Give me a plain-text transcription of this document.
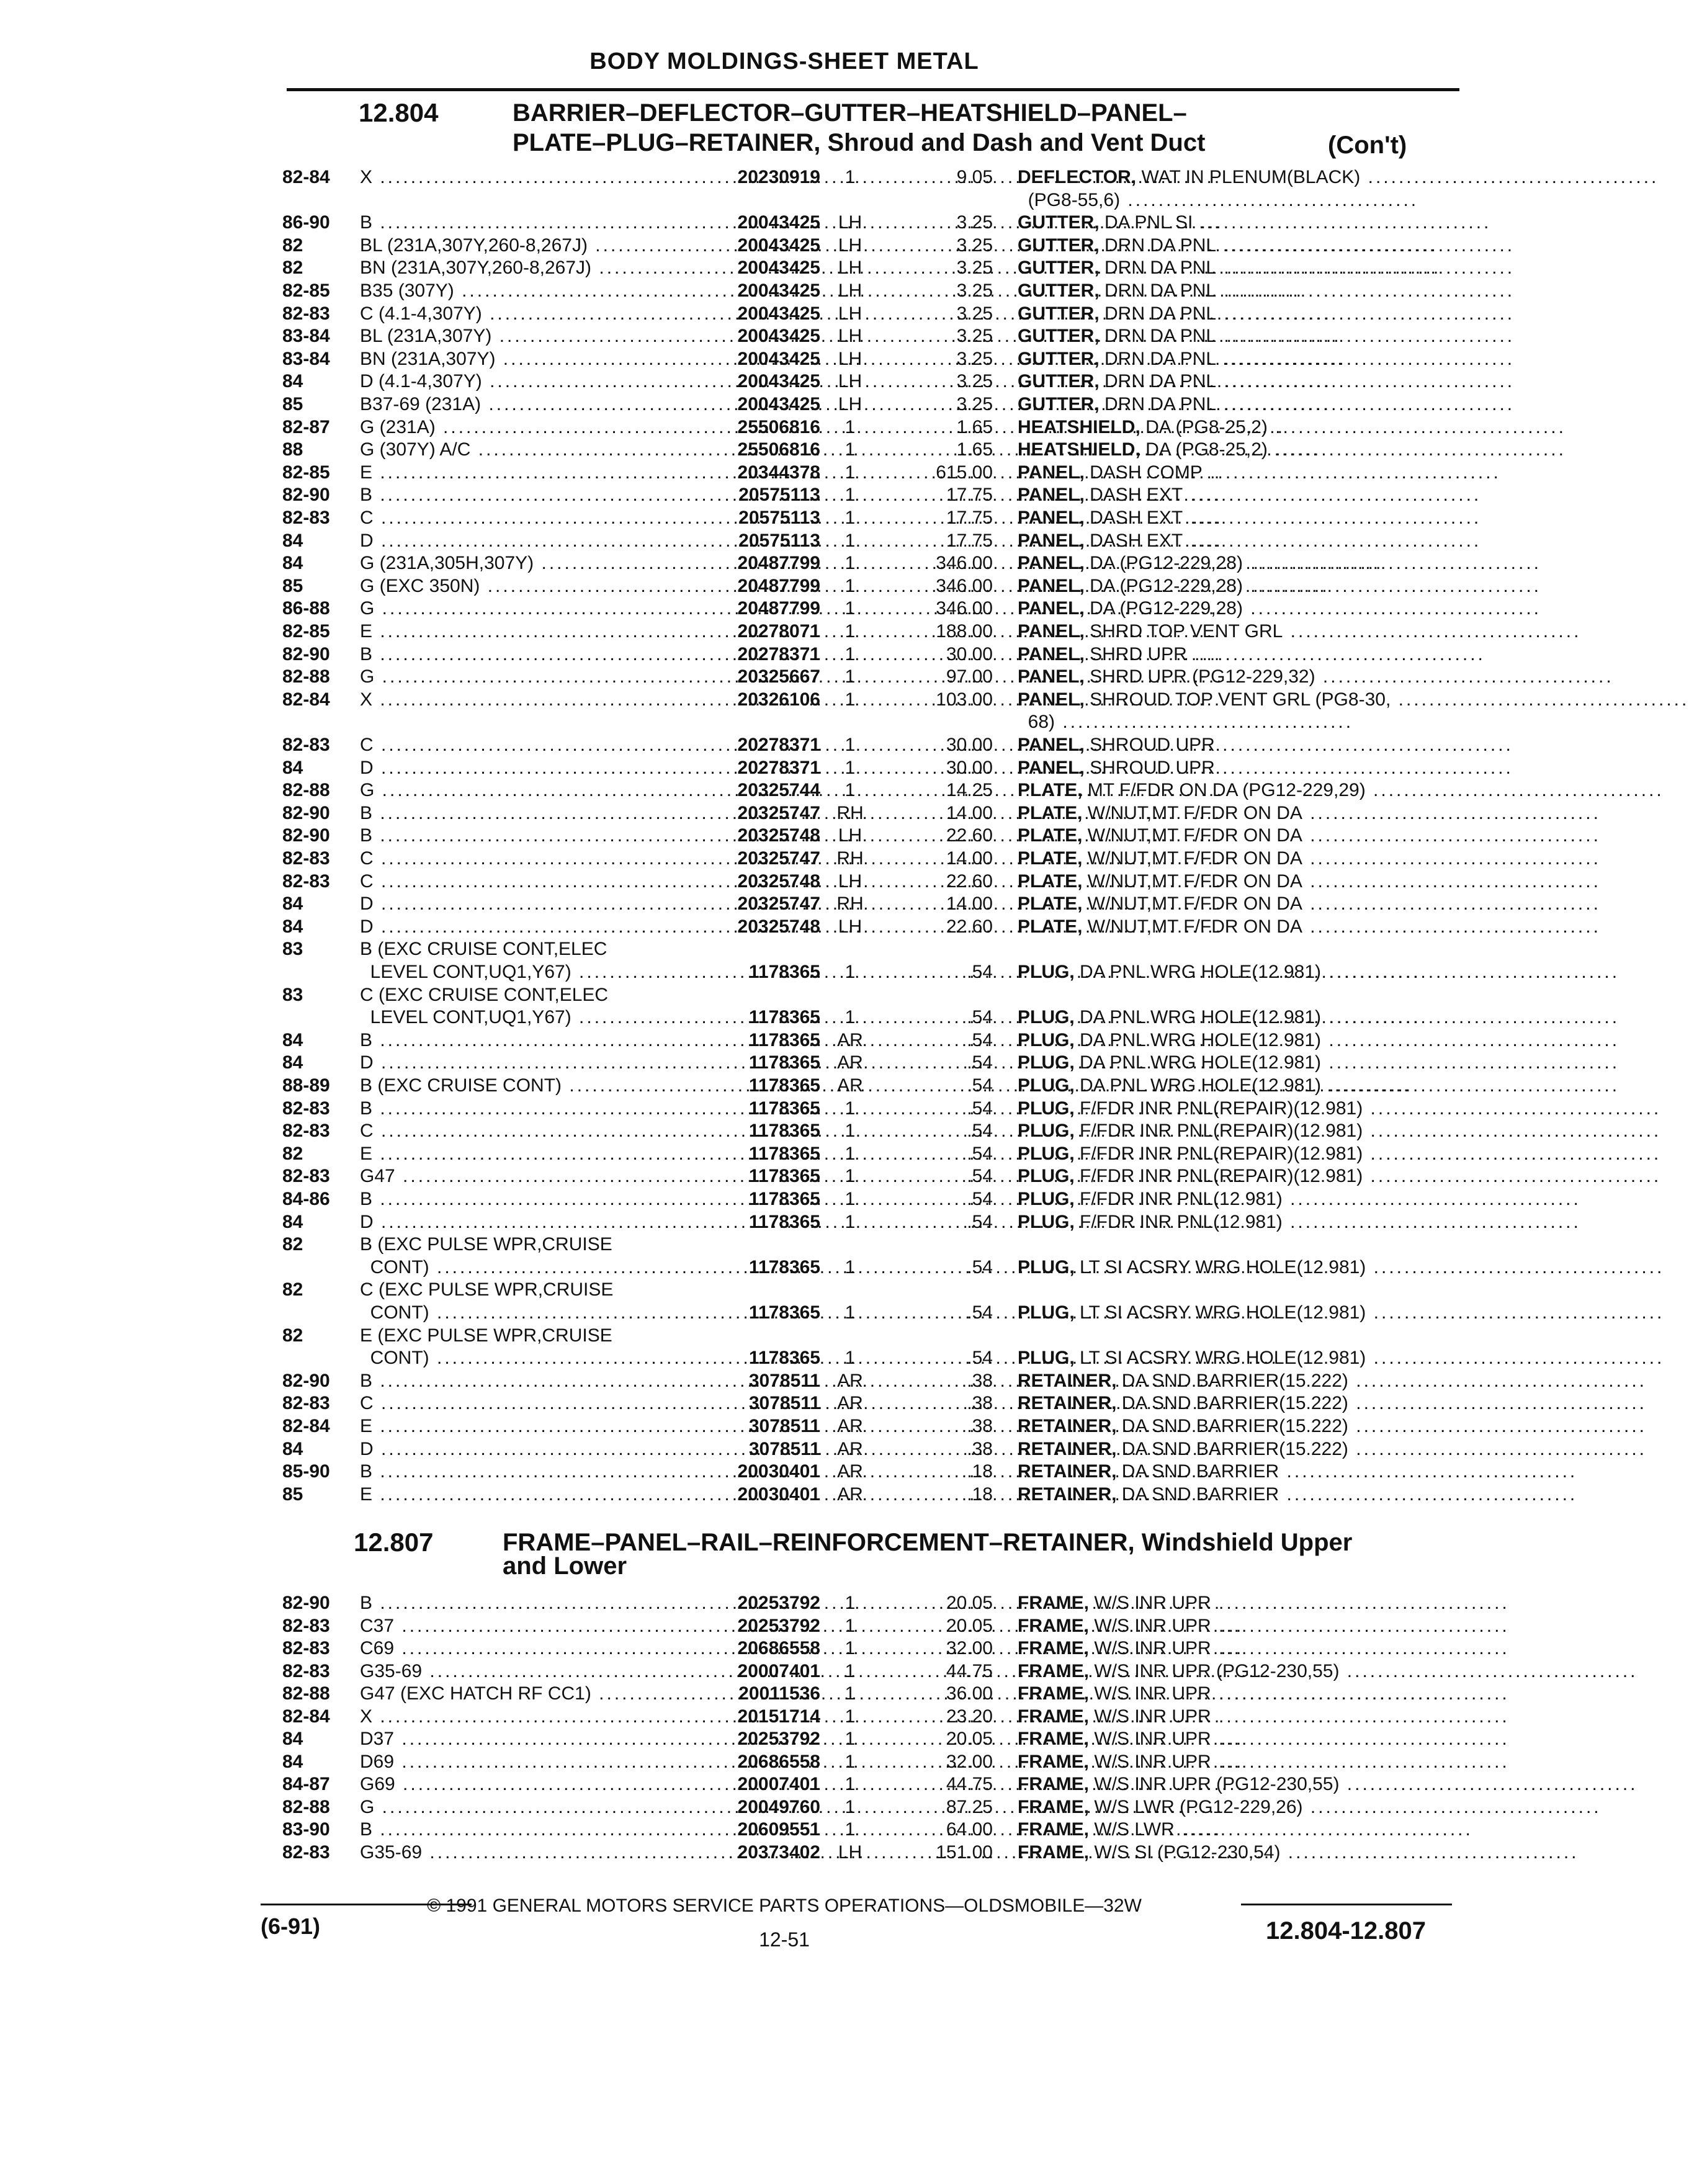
BODY MOLDINGS-SHEET METAL
12.804	BARRIER–DEFLECTOR–GUTTER–HEATSHIELD–PANEL–
PLATE–PLUG–RETAINER, Shroud and Dash and Vent Duct	(Con't)
82-84 X .....	20230919	1	9.05 DEFLECTOR, WAT IN PLENUM(BLACK) ......................................
(PG8-55,6) ......................................
86-90 B .....	20043425 LH	3.25 GUTTER, DA PNL SI ......................................
82	BL (231A,307Y,260-8,267J) .....	20043425 LH	3.25 GUTTER, DRN DA PNL ......................................
82	BN (231A,307Y,260-8,267J) .....	20043425 LH	3.25 GUTTER, DRN DA PNL ......................................
82-85 B35 (307Y) .....	20043425 LH	3.25 GUTTER, DRN DA PNL ......................................
82-83 C (4.1-4,307Y) .....	20043425 LH	3.25 GUTTER, DRN DA PNL ......................................
83-84 BL (231A,307Y) .....	20043425 LH	3.25 GUTTER, DRN DA PNL ......................................
83-84 BN (231A,307Y) .....	20043425 LH	3.25 GUTTER, DRN DA PNL ......................................
84	D (4.1-4,307Y) .....	20043425 LH	3.25 GUTTER, DRN DA PNL ......................................
85	B37-69 (231A) .....	20043425 LH	3.25 GUTTER, DRN DA PNL ......................................
82-87 G (231A) .....	25506816	1	1.65 HEATSHIELD, DA (PG8-25,2) ......................................
88	G (307Y) A/C .....	25506816	1	1.65 HEATSHIELD, DA (PG8-25,2) ......................................
82-85 E .....	20344378	1	615.00 PANEL, DASH COMP ......................................
82-90 B .....	20575113	1	17.75 PANEL, DASH EXT ......................................
82-83 C .....	20575113	1	17.75 PANEL, DASH EXT ......................................
84	D .....	20575113	1	17.75 PANEL, DASH EXT ......................................
84	G (231A,305H,307Y) .....	20487799	1	346.00 PANEL, DA (PG12-229,28) ......................................
85	G (EXC 350N) .....	20487799	1	346.00 PANEL, DA (PG12-229,28) ......................................
86-88 G .....	20487799	1	346.00 PANEL, DA (PG12-229,28) ......................................
82-85 E .....	20278071	1	188.00 PANEL, SHRD TOP VENT GRL ......................................
82-90 B .....	20278371	1	30.00 PANEL, SHRD UPR ......................................
82-88 G .....	20325667	1	97.00 PANEL, SHRD UPR (PG12-229,32) ......................................
82-84 X .....	20326106	1	103.00 PANEL, SHROUD TOP VENT GRL (PG8-30, ......................................
68) ......................................
82-83 C .....	20278371	1	30.00 PANEL, SHROUD UPR ......................................
84	D .....	20278371	1	30.00 PANEL, SHROUD UPR ......................................
82-88 G .....	20325744	1	14.25 PLATE, MT F/FDR ON DA (PG12-229,29) ......................................
82-90 B .....	20325747 RH	14.00 PLATE, W/NUT,MT F/FDR ON DA ......................................
82-90 B .....	20325748 LH	22.60 PLATE, W/NUT,MT F/FDR ON DA ......................................
82-83 C .....	20325747 RH	14.00 PLATE, W/NUT,MT F/FDR ON DA ......................................
82-83 C .....	20325748 LH	22.60 PLATE, W/NUT,MT F/FDR ON DA ......................................
84	D .....	20325747 RH	14.00 PLATE, W/NUT,MT F/FDR ON DA ......................................
84	D .....	20325748 LH	22.60 PLATE, W/NUT,MT F/FDR ON DA ......................................
83	B (EXC CRUISE CONT,ELEC
LEVEL CONT,UQ1,Y67) .....	1178365	1	.54 PLUG, DA PNL WRG HOLE(12.981) ......................................
83	C (EXC CRUISE CONT,ELEC
LEVEL CONT,UQ1,Y67) .....	1178365	1	.54 PLUG, DA PNL WRG HOLE(12.981) ......................................
84	B .....	1178365 AR	.54 PLUG, DA PNL WRG HOLE(12.981) ......................................
84	D .....	1178365 AR	.54 PLUG, DA PNL WRG HOLE(12.981) ......................................
88-89 B (EXC CRUISE CONT) .....	1178365 AR	.54 PLUG, DA PNL WRG HOLE(12.981) ......................................
82-83 B .....	1178365	1	.54 PLUG, F/FDR INR PNL(REPAIR)(12.981) ......................................
82-83 C .....	1178365	1	.54 PLUG, F/FDR INR PNL(REPAIR)(12.981) ......................................
82	E .....	1178365	1	.54 PLUG, F/FDR INR PNL(REPAIR)(12.981) ......................................
82-83 G47 .....	1178365	1	.54 PLUG, F/FDR INR PNL(REPAIR)(12.981) ......................................
84-86 B .....	1178365	1	.54 PLUG, F/FDR INR PNL(12.981) ......................................
84	D .....	1178365	1	.54 PLUG, F/FDR INR PNL(12.981) ......................................
82	B (EXC PULSE WPR,CRUISE
CONT) .....	1178365	1	.54 PLUG, LT SI ACSRY WRG HOLE(12.981) ......................................
82	C (EXC PULSE WPR,CRUISE
CONT) .....	1178365	1	.54 PLUG, LT SI ACSRY WRG HOLE(12.981) ......................................
82	E (EXC PULSE WPR,CRUISE
CONT) .....	1178365	1	.54 PLUG, LT SI ACSRY WRG HOLE(12.981) ......................................
82-90 B .....	3078511 AR	.38 RETAINER, DA SND BARRIER(15.222) ......................................
82-83 C .....	3078511 AR	.38 RETAINER, DA SND BARRIER(15.222) ......................................
82-84 E .....	3078511 AR	.38 RETAINER, DA SND BARRIER(15.222) ......................................
84	D .....	3078511 AR	.38 RETAINER, DA SND BARRIER(15.222) ......................................
85-90 B .....	20030401 AR	.18 RETAINER, DA SND BARRIER ......................................
85	E .....	20030401 AR	.18 RETAINER, DA SND BARRIER ......................................
12.807	FRAME–PANEL–RAIL–REINFORCEMENT–RETAINER, Windshield Upper
and Lower
82-90 B .....	20253792	1	20.05 FRAME, W/S INR UPR ......................................
82-83 C37 .....	20253792	1	20.05 FRAME, W/S INR UPR ......................................
82-83 C69 .....	20686558	1	32.00 FRAME, W/S INR UPR ......................................
82-83 G35-69 .....	20007401	1	44.75 FRAME, W/S INR UPR (PG12-230,55) ......................................
82-88 G47 (EXC HATCH RF CC1) .....	20011536	1	36.00 FRAME, W/S INR UPR ......................................
82-84 X .....	20151714	1	23.20 FRAME, W/S INR UPR ......................................
84	D37 .....	20253792	1	20.05 FRAME, W/S INR UPR ......................................
84	D69 .....	20686558	1	32.00 FRAME, W/S INR UPR ......................................
84-87 G69 .....	20007401	1	44.75 FRAME, W/S INR UPR (PG12-230,55) ......................................
82-88 G .....	20049760	1	87.25 FRAME, W/S LWR (PG12-229,26) ......................................
83-90 B .....	20609551	1	64.00 FRAME, W/S LWR ......................................
82-83 G35-69 .....	20373402 LH	151.00 FRAME, W/S SI (PG12-230,54) ......................................
© 1991 GENERAL MOTORS SERVICE PARTS OPERATIONS—OLDSMOBILE—32W
(6-91)
12-51	12.804-12.807
